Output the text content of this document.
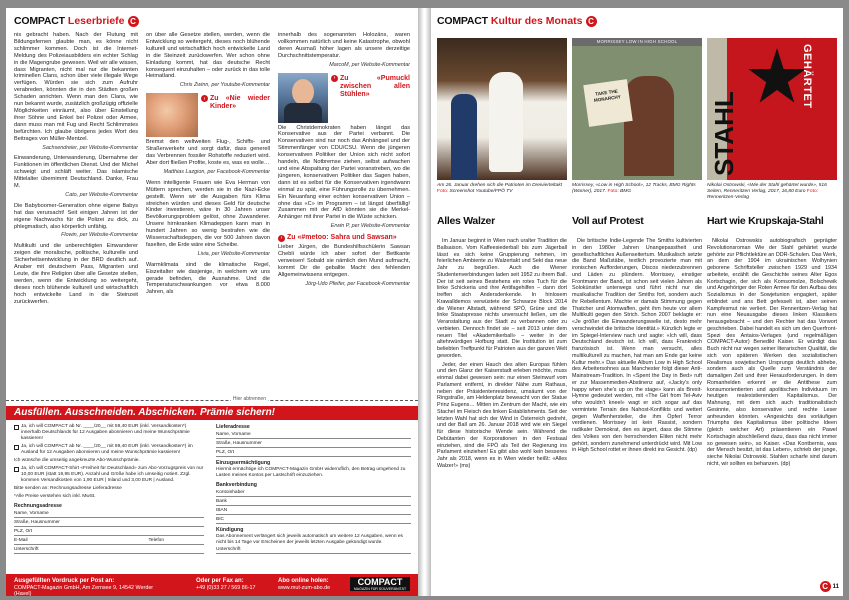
COMPACT Leserbriefe C

nis gebracht haben. Nach der Flutung mit Bildungsfernen glaubte man, es könne nicht schlimmer kommen. Doch ist die Internet-Meldung des Polizeiausbilders ein echter Schlag in die Magengrube gewesen. Weil wir alle wissen, dass Migranten, nicht mal nur die bekannten kriminellen Clans, schon über viele illegale Wege verfügen. Würden sie sich zum Aufruhr verabreden, könnten die in den Städten großen Schaden anrichten. Wenn man den Clans, wie nun bekannt wurde, zusätzlich großzügig offizielle Möglichkeiten einräumt, also über Einstellung ihrer Söhne und Enkel bei Polizei oder Armee, dann muss man mit Fug und Recht Schlimmstes befürchten. Ich glaube übrigens jedes Wort des Beitrages von Müller-Mentzel.

Sachsendreier, per Website-Kommentar

Einwanderung, Unterwanderung, Übernahme der Funktionen im öffentlichen Dienst. Und der Michel schweigt und schläft weiter. Das islamische Mittelalter übernimmt Deutschland. Danke, Frau M.

Cato, per Website-Kommentar

Die Babyboomer-Generation ohne eigene Babys hat das verursacht! Seit einigen Jahren ist der eigene Nachwuchs für die Polizei zu dick, zu phlegmatisch, also körperlich unfähig.

Flowin, per Website-Kommentar

Multikulti und die unberechtigten Einwanderer zeigen die moralische, politische, kulturelle und Sicherheitsentwicklung in der BRD deutlich auf. Anaber mit deutschem Pass, Migranten und Leute, die ihre Religion über alle Gesetze stellen, werden, wenn die Entwicklung so weitergeht, dieses noch blühende kulturell und wirtschaftlich hoch entwickelte Land in die Steinzeit zurückwerfen.

on über alle Gesetze stellen, werden, wenn die Entwicklung so weitergeht, dieses noch blühende kulturell und wirtschaftlich hoch entwickelte Land in die Steinzeit zurückwerfen. Wer schon ohne Einladung kommt, hat das deutsche Recht konsequent einzuhalten – oder zurück in das tolle Heimatland.

Chris Zwinn, per Youtube-Kommentar
› Zu «Nie wieder Kinder»

Bremst den weltweiten Flug-, Schiffs- und Straßenverkehr und sorgt dafür, dass generell das Verbrennen fossiler Rohstoffe reduziert wird. Aber dort fließen Profite, koste es, was es wolle…

Matthias Lazgion, per Facebook-Kommentar

Wenn intelligente Frauen wie Eva Herman von Müttern sprechen, werden sie in die Nazi-Ecke gestellt. Wenn wir die Ausgaben fürs Klima streichen würden und dieses Geld für deutsche Kinder investieren, wäre in 30 Jahren unser Bevölkerungsproblem gelöst, ohne Zuwanderer. Unsere hirnkranken Klimadeppen kann man in hundert Jahren so wenig bestrafen wie die Wissenschaftsdeppen, die vor 500 Jahren davon faselten, die Erde wäre eine Scheibe.

Livia, per Website-Kommentar

Warmklimata sind die klimatische Regel, Eiszeitalter wie dasjenige, in welchem wir uns gerade befinden, die Ausnahme. Und die Temperaturschwankungen vor etwa 8.000 Jahren, als

innerhalb des sogenannten Holozäns, waren vollkommen natürlich und keine Katastrophe, obwohl deren Ausmaß höher lagen als unsere derzeitige Durchschnittstemperatur.

MarcoM, per Website-Kommentar
› Zu «Pumuckl zwischen allen Stühlen»

Die Christdemokraten haben längst das Konservative aus der Partei verbannt. Die Konservativen sind nur noch das Anhängsel und der Stimmenfänger von CDU/CSU. Wenn die jüngeren konservativen Politiker der Union sich nicht sofort handeln, die Notbremse ziehen, selbst aufwachen und eine Abspaltung der Partei voranstreben, wo die jüngeren, konservativen Politiker das Sagen haben, dann ist es selbst für die Konservativen irgendwann einmal zu spät, eine Führungsrolle zu übernehmen. Ein Neuanfang einer echten konservativen Union – ohne das «C» im Programm – ist längst überfällig! Zusammen mit der AfD könnten sie die Merkel-Anhänger mit ihrer Partei in die Wüste schicken.

Erwin P, per Website-Kommentar
› Zu «#metoo: Sahra und Sawsan»

Lieber Jürgen, die Bundeshilfsschülerin Sawsan Chebli würde ich aber sofort der Bettkante verweisen! Sobald sie nämlich den Mund aufmacht, kommt Dir die geballte Macht des fehlenden Allgemeinwissens entgegen.

Jörg-Udo Pfeifer, per Facebook-Kommentar
Hier abtrennen
Ausfüllen. Ausschneiden. Abschicken. Prämie sichern!
Ja, ich will COMPACT ab Nr. ____/20__ mit 59,40 EUR (inkl. Versandkosten*) innerhalb Deutschlands für 12 Ausgaben abonnieren und meine Wunschprämie kassieren!
Ja, ich will COMPACT ab Nr. ____/20__ mit 89,40 EUR (inkl. Versandkosten*) im Ausland für 12 Ausgaben abonnieren und meine Wunschprämie kassieren!
Ich wünsche die umseitig angekreuzte Abo-Wunschprämie.
Ja, ich will COMPACT-Shirt «Freiheit für Deutschland» zum Abo-Vorzugspreis von nur 10,00 EUR (statt 19,95 EUR). Anzahl und Größe habe ich umseitig notiert. Zzgl. kommen Versandkosten von 1,90 EUR | Inland und 3,00 EUR | Ausland.
Bitte senden an: Rechnungsadresse Lieferadresse
*Alle Preise verstehen sich inkl. MwSt.
Rechnungsadresse
Name, Vorname
Straße, Hausnummer
PLZ, Ort
E-Mail	Telefon
Unterschrift
Lieferadresse
Name, Vorname
Straße, Hausnummer
PLZ, Ort
Einzugsermächtigung
Hiermit ermächtige ich COMPACT-Magazin GmbH widerruflich, den Betrag umgehend zu Lasten meines Kontos per Lastschrift einzuziehen.
Bankverbindung
Kontoinhaber
Bank
IBAN
BIC
Kündigung
Das Abonnement verlängert sich jeweils automatisch um weitere 12 Ausgaben, wenn es nicht bis 14 Tage vor Erscheinen der jeweils letzten Ausgabe gekündigt wurde.
Unterschrift
Ausgefüllten Vordruck per Post an:
COMPACT-Magazin GmbH, Am Zernsee 9, 14542 Werder (Havel)
Oder per Fax an:
+49 (0)33 27 / 569 86-17
Abo online holen:
www.mut-zum-abo.de
COMPACT
MAGAZIN FÜR SOUVERÄNITÄT
COMPACT Kultur des Monats C
MORRISSEY LOW IN HIGH SCHOOL
TAKE THE MONARCHY	STAHL
GEHÄRTET
Am 26. Januar drehen sich die Patrioten im Dreivierteltakt Foto: Screenshot Youtube/FPÖ TV
Morrissey, «Low in High School», 12 Tracks, BMG Rights (Warner), 2017. Foto: BMG
Nikolai Ostrowski, «Wie der Stahl gehärtet wurde», 516 Seiten, Renneritzen Verlag, 2017, 16,80 Euro Foto: Renneritzen-Verlag
Alles Walzer	Voll auf Protest	Hart wie Krupskaja-Stahl

Im Januar beginnt in Wien nach uralter Tradition die Ballsaison. Vom Kaffeesiederball bis zum Jägerball lässt es sich keine Gruppierung nehmen, im feierlichen Ambiente zu Walzertakt und Sekt das neue Jahr zu begrüßen. Auch die Wiener Studentenverbindungen laden seit 1952 zu ihrem Ball. Der ist seit seines Bestehens ein rotes Tuch für die linke Schickeria und ihre Antifagehilfen – dann dort treffen sich Andersdenkende. In hinlosem Krawalldemos verwüstete der Schwarze Block 2014 die Wiener Altstadt, während SPÖ, Grüne und die linke Staatspresse nichts unversucht ließen, um die Veranstaltung aus der Stadt zu verbannen oder zu verbieten. Dennoch findet sie – seit 2013 unter dem neuen Titel «Akademikerball» – weiter in der altehrwürdigen Hofburg statt. Die Institution ist zum beliebten Treffpunkt für Patrioten aus der ganzen Welt geworden.

Jeder, der einen Hauch des alten Europas fühlen und den Glanz der Kaiserstadt erleben möchte, muss einmal dabei gewesen sein: nur einen Steinwurf vom Parlament entfernt, in direkter Nähe zum Rathaus, neben der Präsidentenresidenz, umsäumt von der Ringstraße, am Heldenplatz beweacht von der Statue Prinz Eugens… Mitten im Zentrum der Macht, wie ein Stachel im Fleisch des linken Establishments. Seit der letzten Wahl hat sich der Wind in Österreich gedreht, und der Ball am 26. Januar 2018 wird wie ein Siegel für diese historische Wende sein. Während die Debütanten der Korporationen in den Festsaal einziehen, sind die FPÖ als Teil der Regierung ins Parlament einziehen! Es gibt also wohl kein besseres Jahr als 2018, wenn es in Wien wieder heißt: «Alles Walzer!» (ms)

Die britische Indie-Legende The Smiths kultivierten in den 1980er Jahren Unangepasstheit und gesellschaftliches Außenseitertum. Musikalisch setzte die Band Maßstäbe, textlich provozierte man mit ironischen Aufforderungen, Discos niederzubrennen und Läden zu plündern. Morrissey, einstiger Frontmann der Band, ist schon seit vielen Jahren als Solokünstler unterwegs und führt nicht nur die musikalische Tradition der Smiths fort, sondern auch ihr Rebellentum. Machte er damals Stimmung gegen Thatcher und Atomwaffen, geht ihm heute vor allem Multikulti gegen den Strich. Schon 2007 beklagte er: «Je größer die Einwanderungswelle ist, desto mehr verschwindet die britische Identität.» Künzlich legte er im Spiegel-Interview nach und sagte: «Ich will, dass Deutschland deutsch ist. Ich will, dass Frankreich französisch ist. Wenn man versucht, alles multikulturell zu machen, hat man am Ende gar keine Kultur mehr.» Das aktuelle Album Low in High School des Arbeitersohnes aus Manchester folgt dieser Anti-Mainstream-Tradition. In «Spent the Day in Bed» ruft er zur Massenmedien-Abstinenz auf, «Jacky's only happy when she's up on the stage» kann als Brexit-Hymne gedeutet werden, mit «The Girl from Tel-Aviv who wouldn't kneel» wagt er sich sogar auf das vermintete Terrain des Nahost-Konflikts und wettert gegen Waffenhersteller, die ihm Öpferl Terror verdienen. Morrissey ist kein Rassist, sondern radikaler Demokrat, den es ärgert, dass die Stimme des Volkes von den herrschenden Eliten nicht mehr gehört, sondern zunehmend unterdrückt wird. Mit Low in High School rottet er ihnen direkt ins Gesicht. (dp)

Nikolai Ostrowskis autobiografisch geprägter Revolutionsroman Wie der Stahl gehärtet wurde gehörte zur Pflichtlektüre an DDR-Schulen. Das Werk, an dem der 1904 im ukrainischen Wolhynien geborene Schriftsteller zwischen 1929 und 1934 arbeitete, erzählt die Geschichte seines Alter Egos Kortschagin, der sich als Komsomolze, Bolschewik und Angehöriger der Roten Armee für den Aufbau des Sozialismus in der Sowjetunion engagiert, später erblindet und ans Bett gefesselt ist, aber seinen Kampfesmut nie verliert. Der Renneritzen-Verlag hat nun eine Neuausgabe dieses linken Klassikers herausgebracht – und den Rechter hat das Vorwort geschrieben. Dabei handelt es sich um den Querfront-Spezi des Antaios-Verlages (und regelmäßigen COMPACT-Autor) Benedikt Kaiser. Er würdigt das Buch nicht nur wegen seiner literarischen Qualität, die sich von späteren Werken des sozialistischen Realismus sowjetischen Ursprungs deutlich abhebe, sondern auch als Quelle zum Verständnis der damaligen Zeit und ihrer Herausforderungen. In dem Romanhelden erkennt er die Antithese zum konsumorientierten und apolitischen Individuum im heutigen realexistierenden Kapitalismus. Der Mahnung, mit dem sich auch traditionalistisch Gesinnte, also konservative und rechte Leser anfreunden könnten. «Angesichts des vorläufigen Triumphs des Kapitalismus über politische Ideen (gleich welcher Art) präsentieren ein Pawel Kortschagin abschließend dazu, dass das nicht immer so gewesen sein», so Kaiser. «Das Kontbernis, was der Mensch besitzt, ist das Leben», schrieb der junge, sieche Nikolai Ostrowski. Stahlen scharfe sind darum nicht, wir sollten es behanzen. (dp)

C 11
